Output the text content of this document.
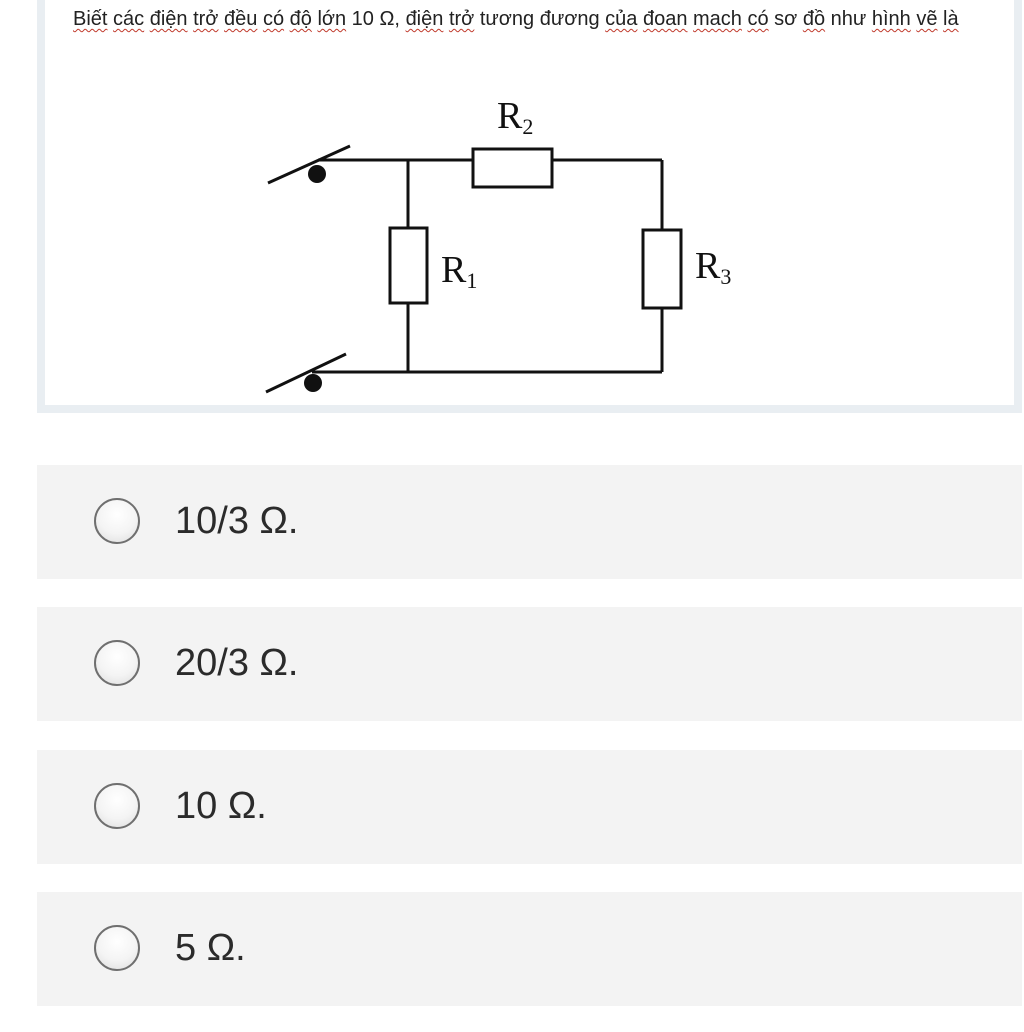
Biết các điện trở đều có độ lớn 10 Ω, điện trở tương đương của đoan mach có sơ đồ như hình vẽ là
R2
R1	R3
10/3 Ω.
20/3 Ω.
10 Ω.
5 Ω.
